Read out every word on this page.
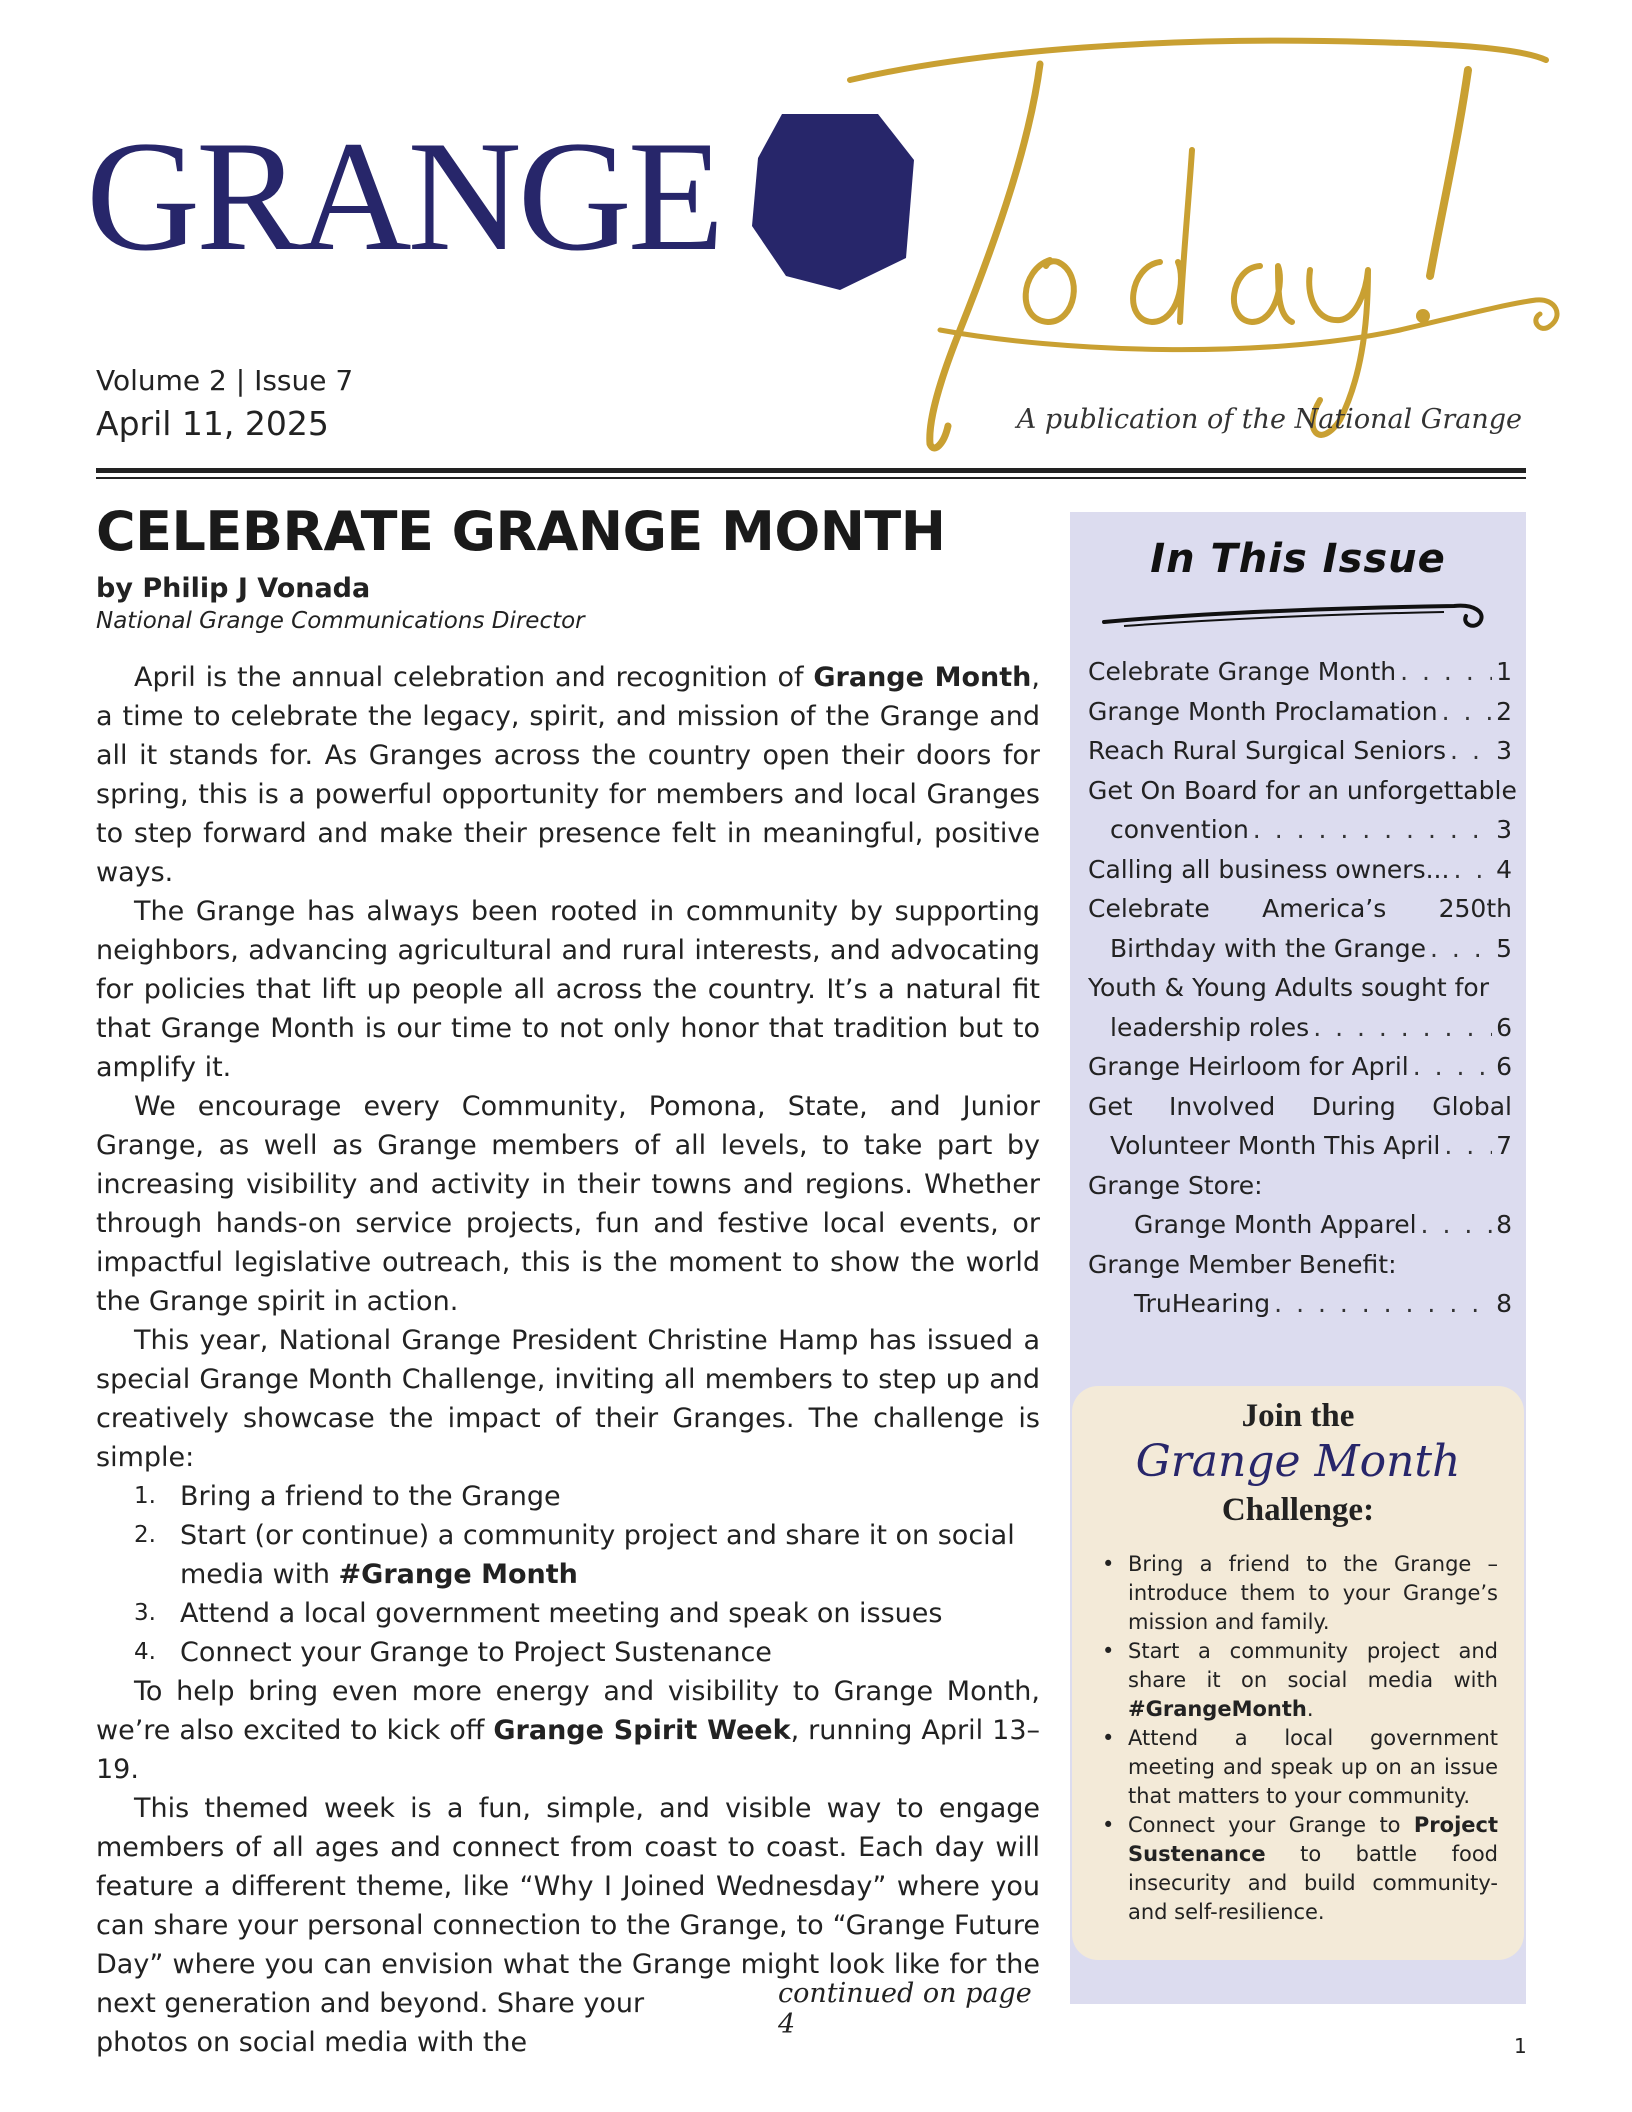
GRANGE
Volume 2 | Issue 7
April 11, 2025	A publication of the National Grange
CELEBRATE GRANGE MONTH

by Philip J Vonada

National Grange Communications Director

April is the annual celebration and recognition of Grange Month, a time to celebrate the legacy, spirit, and mission of the Grange and all it stands for. As Granges across the country open their doors for spring, this is a powerful opportunity for members and local Granges to step forward and make their presence felt in meaningful, positive ways.

The Grange has always been rooted in community by supporting neighbors, advancing agricultural and rural interests, and advocating for policies that lift up people all across the country. It’s a natural fit that Grange Month is our time to not only honor that tradition but to amplify it.

We encourage every Community, Pomona, State, and Junior Grange, as well as Grange members of all levels, to take part by increasing visibility and activity in their towns and regions. Whether through hands-on service projects, fun and festive local events, or impactful legislative outreach, this is the moment to show the world the Grange spirit in action.

This year, National Grange President Christine Hamp has issued a special Grange Month Challenge, inviting all members to step up and creatively showcase the impact of their Granges. The challenge is simple:

1. Bring a friend to the Grange
2. Start (or continue) a community project and share it on social media with #Grange Month
3. Attend a local government meeting and speak on issues
4. Connect your Grange to Project Sustenance

To help bring even more energy and visibility to Grange Month, we’re also excited to kick off Grange Spirit Week, running April 13–19.

This themed week is a fun, simple, and visible way to engage members of all ages and connect from coast to coast. Each day will feature a different theme, like “Why I Joined Wednesday” where you can share your personal connection to the Grange, to “Grange Future Day” where you can envision what the Grange might look like for the next generation and beyond. Share your

photos on social media with the

continued on page 4
In This Issue
Celebrate Grange Month . . .	1
Grange Month Proclamation . . . 2
Reach Rural Surgical Seniors . . . 3
Get On Board for an unforgettable
convention . . .	3
Calling all business owners... . . . 4
Celebrate America’s 250th
Birthday with the Grange . . .	5
Youth & Young Adults sought for
leadership roles . . .	6
Grange Heirloom for April . . .	6
Get Involved During Global
Volunteer Month This April . . . 7
Grange Store:
Grange Month Apparel . . .	8
Grange Member Benefit:
TruHearing . . .	8
Join the
Grange Month
Challenge:
• Bring a friend to the Grange – introduce them to your Grange’s mission and family.
• Start a community project and share it on social media with #GrangeMonth.
• Attend a local government meeting and speak up on an issue that matters to your community.
• Connect your Grange to Project Sustenance to battle food insecurity and build community- and self-resilience.
1
